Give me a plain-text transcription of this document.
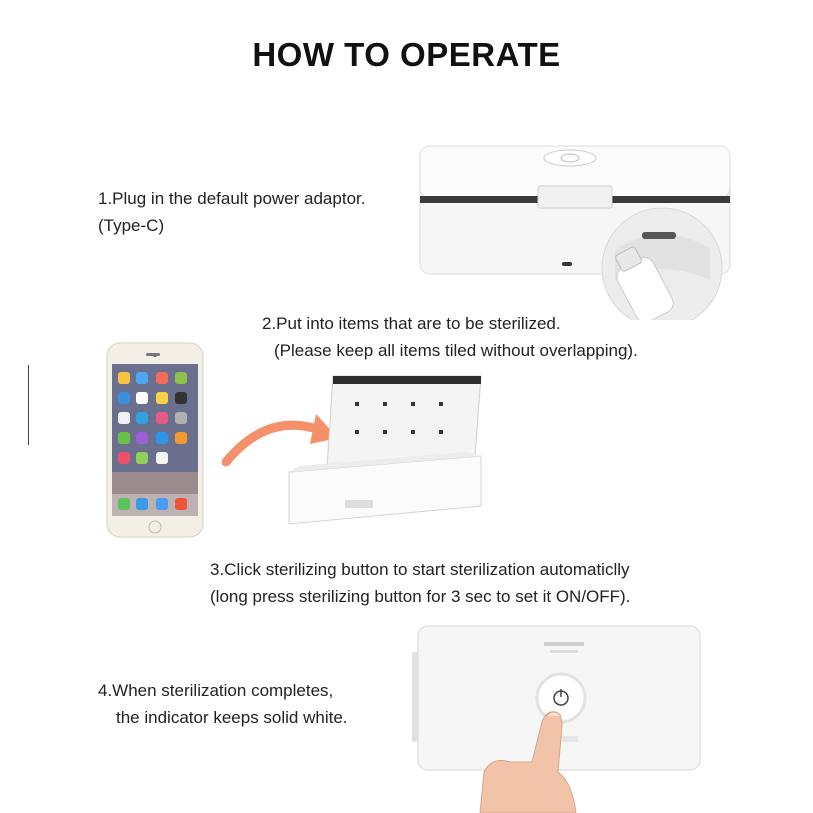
HOW TO OPERATE
1.Plug in the default power adaptor.
(Type-C)
2.Put into items that are to be sterilized.
(Please keep all items tiled without overlapping).
3.Click sterilizing button to start sterilization automaticlly
(long press sterilizing button for 3 sec to set it ON/OFF).
4.When sterilization completes,
the indicator keeps solid white.
